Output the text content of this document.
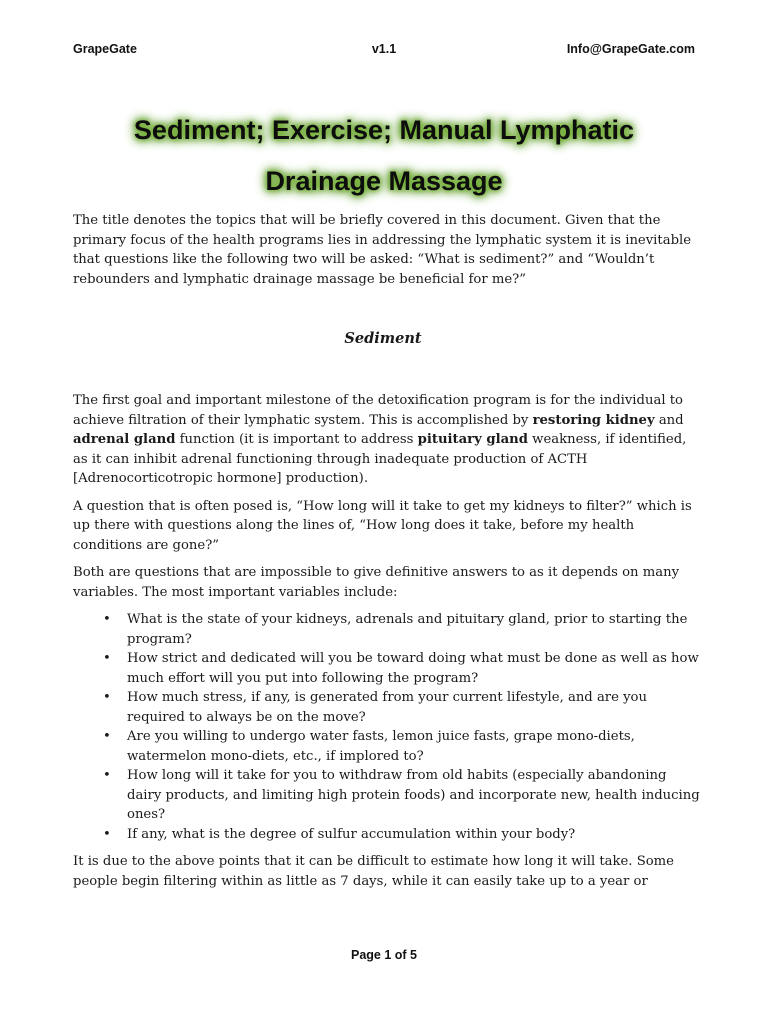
GrapeGate	v1.1	Info@GrapeGate.com
Sediment; Exercise; Manual Lymphatic
Drainage Massage

The title denotes the topics that will be briefly covered in this document. Given that the primary focus of the health programs lies in addressing the lymphatic system it is inevitable that questions like the following two will be asked: “What is sediment?” and “Wouldn’t rebounders and lymphatic drainage massage be beneficial for me?”

Sediment

The first goal and important milestone of the detoxification program is for the individual to achieve filtration of their lymphatic system. This is accomplished by restoring kidney and adrenal gland function (it is important to address pituitary gland weakness, if identified, as it can inhibit adrenal functioning through inadequate production of ACTH [Adrenocorticotropic hormone] production).

A question that is often posed is, “How long will it take to get my kidneys to filter?” which is up there with questions along the lines of, “How long does it take, before my health conditions are gone?”

Both are questions that are impossible to give definitive answers to as it depends on many variables. The most important variables include:

• What is the state of your kidneys, adrenals and pituitary gland, prior to starting the program?
• How strict and dedicated will you be toward doing what must be done as well as how much effort will you put into following the program?
• How much stress, if any, is generated from your current lifestyle, and are you required to always be on the move?
• Are you willing to undergo water fasts, lemon juice fasts, grape mono-diets, watermelon mono-diets, etc., if implored to?
• How long will it take for you to withdraw from old habits (especially abandoning dairy products, and limiting high protein foods) and incorporate new, health inducing ones?
• If any, what is the degree of sulfur accumulation within your body?

It is due to the above points that it can be difficult to estimate how long it will take. Some people begin filtering within as little as 7 days, while it can easily take up to a year or

Page 1 of 5
